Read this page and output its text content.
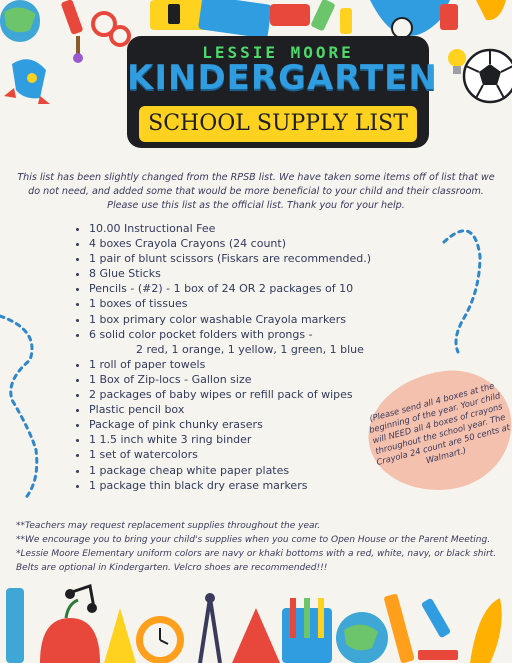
LESSIE MOORE
KINDERGARTEN
SCHOOL SUPPLY LIST
This list has been slightly changed from the RPSB list. We have taken some items off of list that we do not need, and added some that would be more beneficial to your child and their classroom. Please use this list as the official list. Thank you for your help.
• 10.00 Instructional Fee
• 4 boxes Crayola Crayons (24 count)
• 1 pair of blunt scissors (Fiskars are recommended.)
• 8 Glue Sticks
• Pencils - (#2) - 1 box of 24 OR 2 packages of 10
• 1 boxes of tissues
• 1 box primary color washable Crayola markers
• 6 solid color pocket folders with prongs -
2 red, 1 orange, 1 yellow, 1 green, 1 blue
• 1 roll of paper towels
• 1 Box of Zip-locs - Gallon size
• 2 packages of baby wipes or refill pack of wipes
• Plastic pencil box
• Package of pink chunky erasers
• 1 1.5 inch white 3 ring binder
• 1 set of watercolors
• 1 package cheap white paper plates
• 1 package thin black dry erase markers
(Please send all 4 boxes at the beginning of the year. Your child will NEED all 4 boxes of crayons throughout the school year. The Crayola 24 count are 50 cents at Walmart.)

**Teachers may request replacement supplies throughout the year.

**We encourage you to bring your child's supplies when you come to Open House or the Parent Meeting.

*Lessie Moore Elementary uniform colors are navy or khaki bottoms with a red, white, navy, or black shirt.

Belts are optional in Kindergarten. Velcro shoes are recommended!!!
